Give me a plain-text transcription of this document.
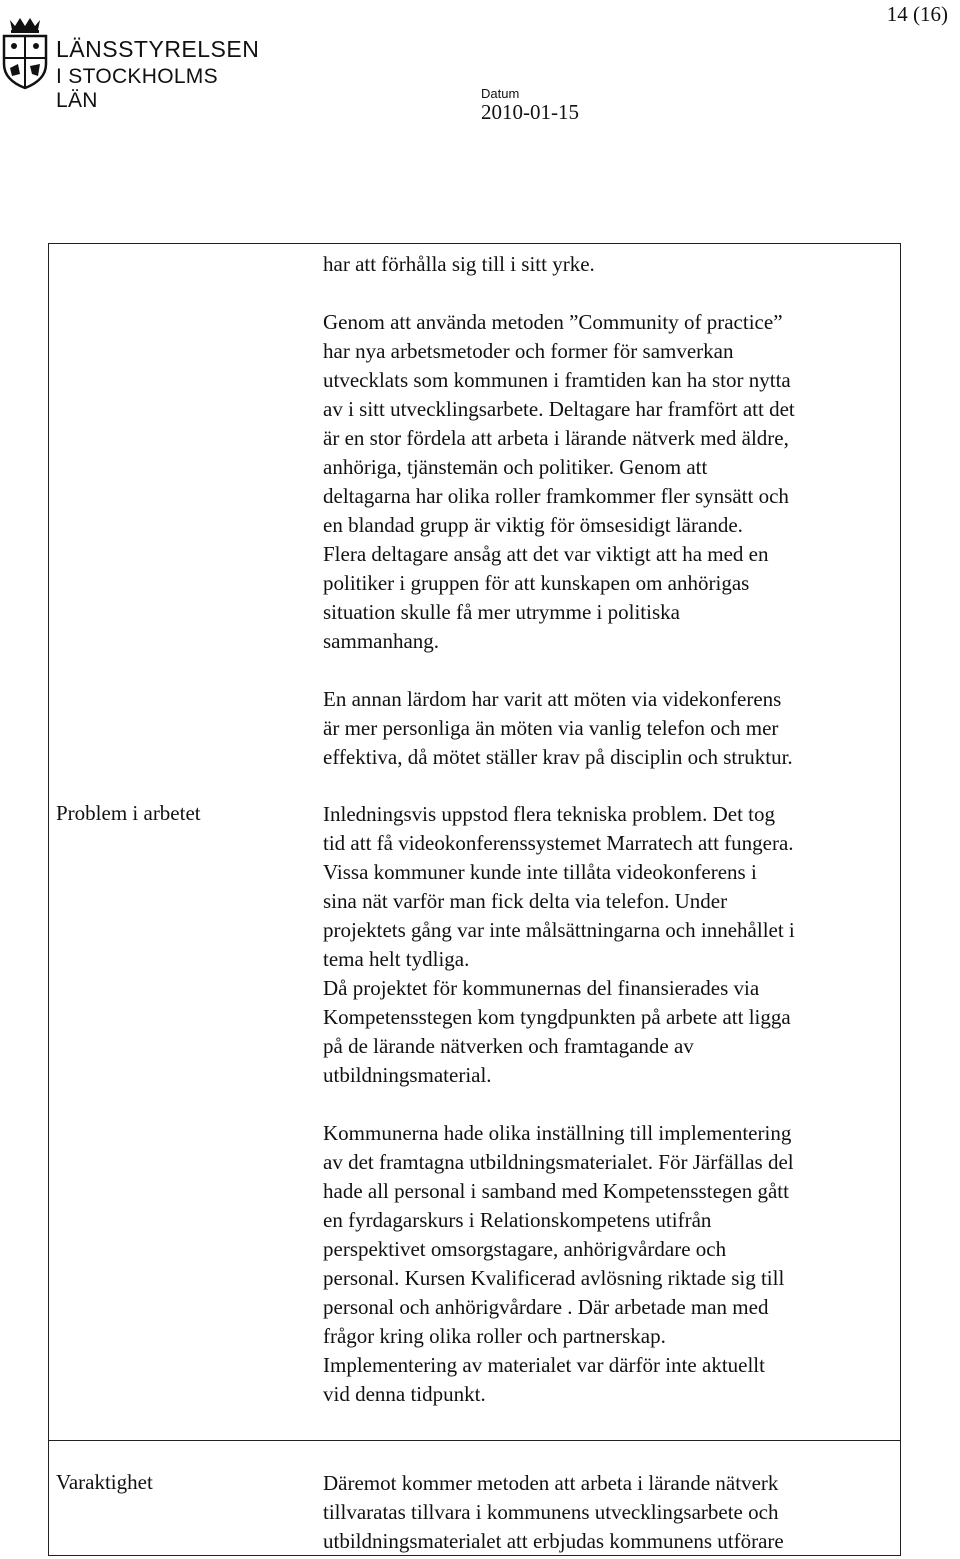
14 (16)
LÄNSSTYRELSEN
I STOCKHOLMS LÄN	Datum
2010-01-15

har att förhålla sig till i sitt yrke.

Genom att använda metoden ”Community of practice”
har nya arbetsmetoder och former för samverkan
utvecklats som kommunen i framtiden kan ha stor nytta
av i sitt utvecklingsarbete. Deltagare har framfört att det
är en stor fördela att arbeta i lärande nätverk med äldre,
anhöriga, tjänstemän och politiker. Genom att
deltagarna har olika roller framkommer fler synsätt och
en blandad grupp är viktig för ömsesidigt lärande.
Flera deltagare ansåg att det var viktigt att ha med en
politiker i gruppen för att kunskapen om anhörigas
situation skulle få mer utrymme i politiska
sammanhang.

En annan lärdom har varit att möten via videkonferens
är mer personliga än möten via vanlig telefon och mer
effektiva, då mötet ställer krav på disciplin och struktur.

Problem i arbetet	Inledningsvis uppstod flera tekniska problem. Det tog
tid att få videokonferenssystemet Marratech att fungera.
Vissa kommuner kunde inte tillåta videokonferens i
sina nät varför man fick delta via telefon. Under
projektets gång var inte målsättningarna och innehållet i
tema helt tydliga.
Då projektet för kommunernas del finansierades via
Kompetensstegen kom tyngdpunkten på arbete att ligga
på de lärande nätverken och framtagande av
utbildningsmaterial.

Kommunerna hade olika inställning till implementering
av det framtagna utbildningsmaterialet. För Järfällas del
hade all personal i samband med Kompetensstegen gått
en fyrdagarskurs i Relationskompetens utifrån
perspektivet omsorgstagare, anhörigvårdare och
personal. Kursen Kvalificerad avlösning riktade sig till
personal och anhörigvårdare . Där arbetade man med
frågor kring olika roller och partnerskap.
Implementering av materialet var därför inte aktuellt
vid denna tidpunkt.

Varaktighet	Däremot kommer metoden att arbeta i lärande nätverk
tillvaratas tillvara i kommunens utvecklingsarbete och
utbildningsmaterialet att erbjudas kommunens utförare
